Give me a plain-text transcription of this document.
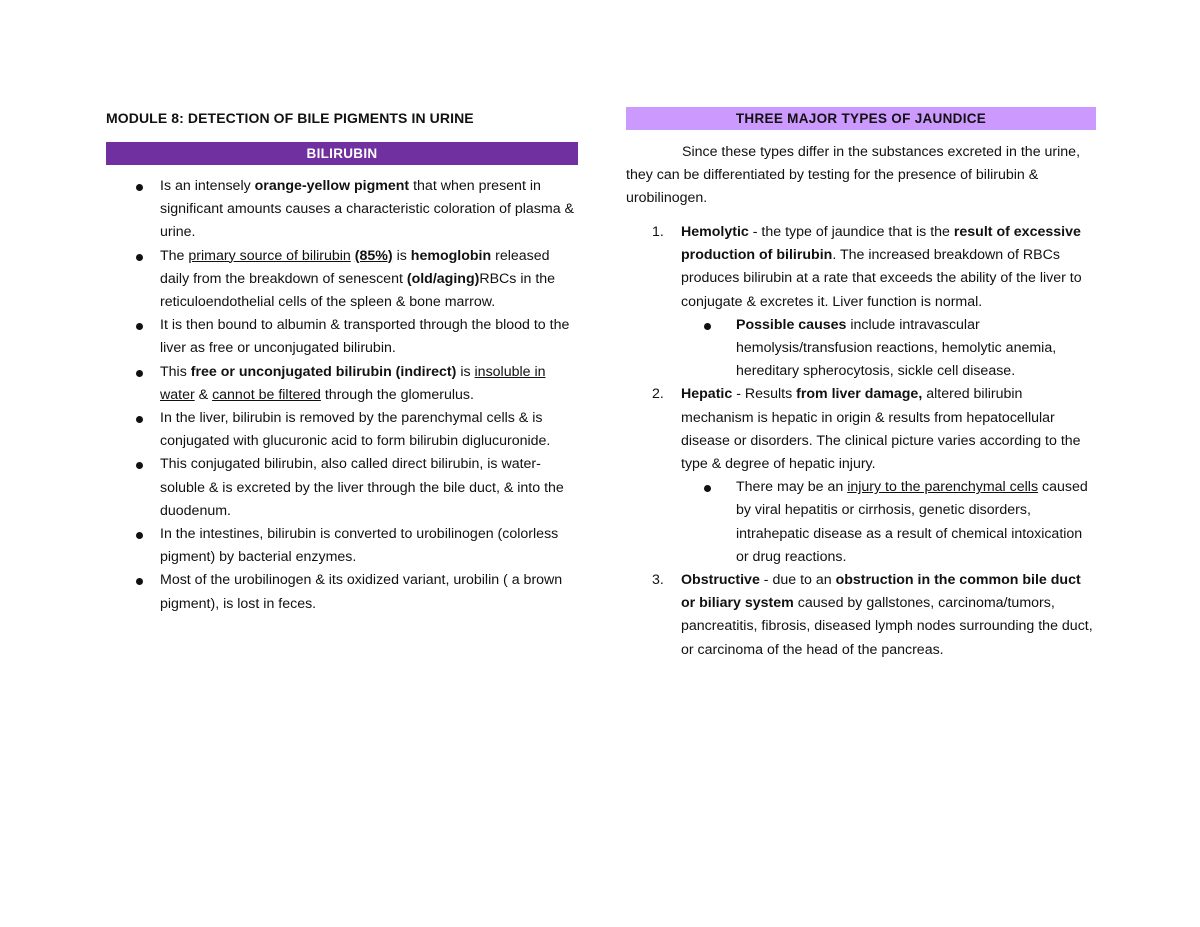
MODULE 8: DETECTION OF BILE PIGMENTS IN URINE
BILIRUBIN
Is an intensely orange-yellow pigment that when present in significant amounts causes a characteristic coloration of plasma & urine.
The primary source of bilirubin (85%) is hemoglobin released daily from the breakdown of senescent (old/aging)RBCs in the reticuloendothelial cells of the spleen & bone marrow.
It is then bound to albumin & transported through the blood to the liver as free or unconjugated bilirubin.
This free or unconjugated bilirubin (indirect) is insoluble in water & cannot be filtered through the glomerulus.
In the liver, bilirubin is removed by the parenchymal cells & is conjugated with glucuronic acid to form bilirubin diglucuronide.
This conjugated bilirubin, also called direct bilirubin, is water-soluble & is excreted by the liver through the bile duct, & into the duodenum.
In the intestines, bilirubin is converted to urobilinogen (colorless pigment) by bacterial enzymes.
Most of the urobilinogen & its oxidized variant, urobilin ( a brown pigment), is lost in feces.
THREE MAJOR TYPES OF JAUNDICE

Since these types differ in the substances excreted in the urine, they can be differentiated by testing for the presence of bilirubin & urobilinogen.

1. Hemolytic - the type of jaundice that is the result of excessive production of bilirubin. The increased breakdown of RBCs produces bilirubin at a rate that exceeds the ability of the liver to conjugate & excretes it. Liver function is normal.
Possible causes include intravascular hemolysis/transfusion reactions, hemolytic anemia, hereditary spherocytosis, sickle cell disease.
2. Hepatic - Results from liver damage, altered bilirubin mechanism is hepatic in origin & results from hepatocellular disease or disorders. The clinical picture varies according to the type & degree of hepatic injury.
There may be an injury to the parenchymal cells caused by viral hepatitis or cirrhosis, genetic disorders, intrahepatic disease as a result of chemical intoxication or drug reactions.
3. Obstructive - due to an obstruction in the common bile duct or biliary system caused by gallstones, carcinoma/tumors, pancreatitis, fibrosis, diseased lymph nodes surrounding the duct, or carcinoma of the head of the pancreas.
